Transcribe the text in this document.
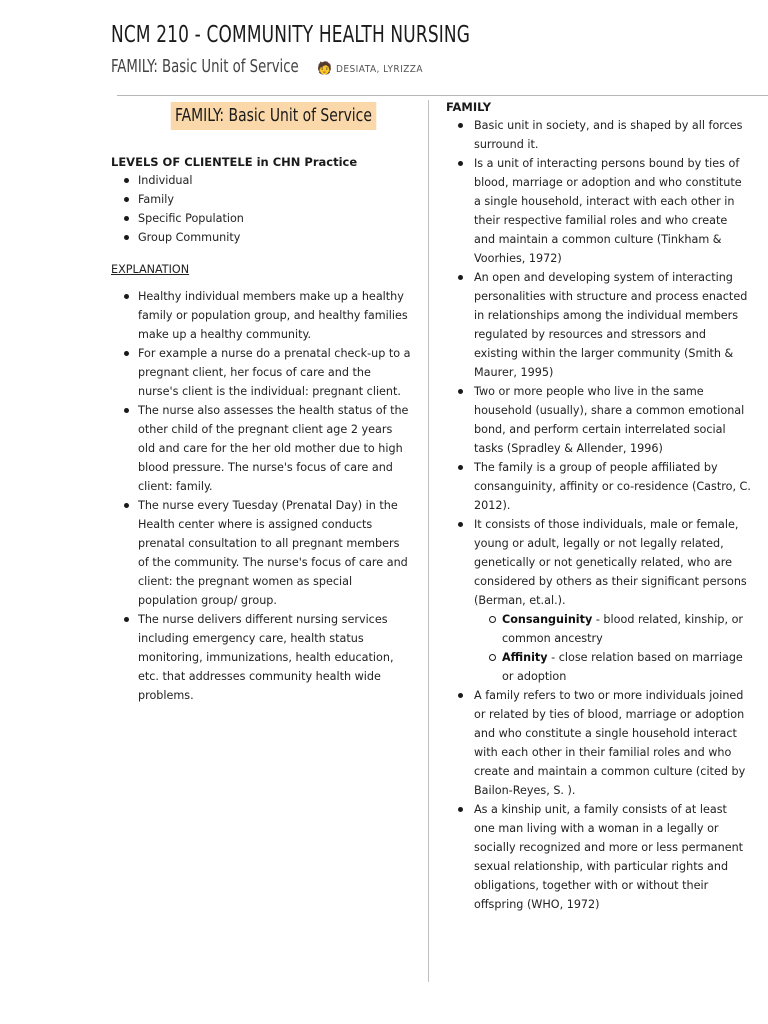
NCM 210 - COMMUNITY HEALTH NURSING
FAMILY: Basic Unit of Service 🧑 DESIATA, LYRIZZA
FAMILY: Basic Unit of Service

LEVELS OF CLIENTELE in CHN Practice

Individual
Family
Specific Population
Group Community

EXPLANATION

Healthy individual members make up a healthy family or population group, and healthy families make up a healthy community.
For example a nurse do a prenatal check-up to a pregnant client, her focus of care and the nurse's client is the individual: pregnant client.
The nurse also assesses the health status of the other child of the pregnant client age 2 years old and care for the her old mother due to high blood pressure. The nurse's focus of care and client: family.
The nurse every Tuesday (Prenatal Day) in the Health center where is assigned conducts prenatal consultation to all pregnant members of the community. The nurse's focus of care and client: the pregnant women as special population group/ group.
The nurse delivers different nursing services including emergency care, health status monitoring, immunizations, health education, etc. that addresses community health wide problems.

FAMILY

Basic unit in society, and is shaped by all forces surround it.
Is a unit of interacting persons bound by ties of blood, marriage or adoption and who constitute a single household, interact with each other in their respective familial roles and who create and maintain a common culture (Tinkham & Voorhies, 1972)
An open and developing system of interacting personalities with structure and process enacted in relationships among the individual members regulated by resources and stressors and existing within the larger community (Smith & Maurer, 1995)
Two or more people who live in the same household (usually), share a common emotional bond, and perform certain interrelated social tasks (Spradley & Allender, 1996)
The family is a group of people affiliated by consanguinity, affinity or co-residence (Castro, C. 2012).
It consists of those individuals, male or female, young or adult, legally or not legally related, genetically or not genetically related, who are considered by others as their significant persons (Berman, et.al.).
Consanguinity - blood related, kinship, or common ancestry
Affinity - close relation based on marriage or adoption
A family refers to two or more individuals joined or related by ties of blood, marriage or adoption and who constitute a single household interact with each other in their familial roles and who create and maintain a common culture (cited by Bailon-Reyes, S. ).
As a kinship unit, a family consists of at least one man living with a woman in a legally or socially recognized and more or less permanent sexual relationship, with particular rights and obligations, together with or without their offspring (WHO, 1972)
